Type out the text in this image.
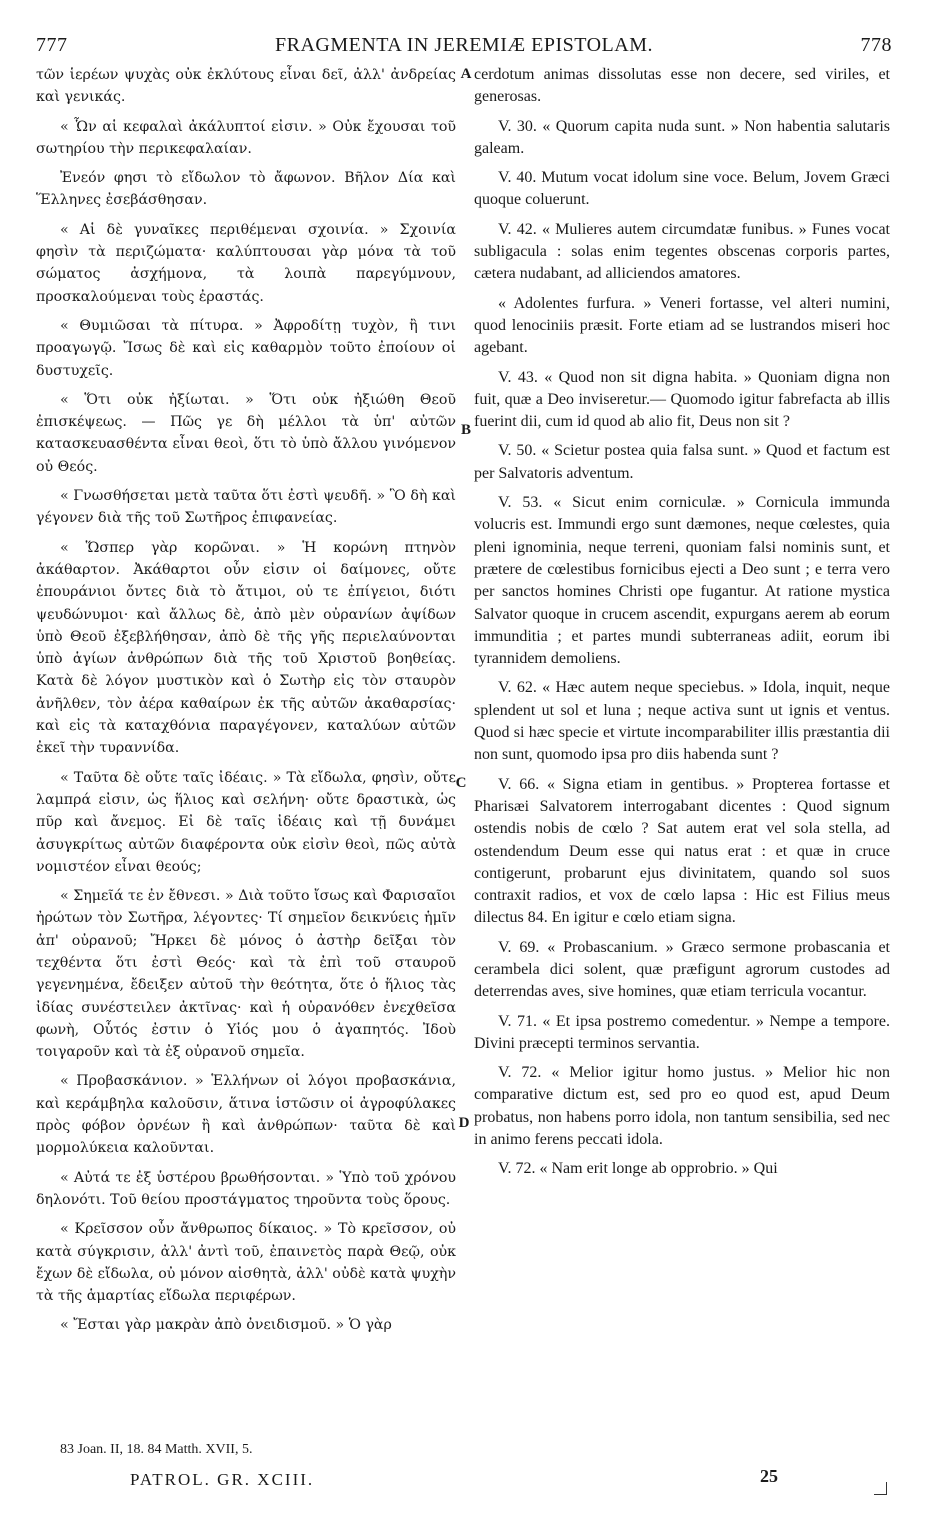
777	FRAGMENTA IN JEREMIÆ EPISTOLAM.	778

τῶν ἱερέων ψυχὰς οὐκ ἐκλύτους εἶναι δεῖ, ἀλλ' ἀνδρείας καὶ γενικάς.

« Ὧν αἱ κεφαλαὶ ἀκάλυπτοί εἰσιν. » Οὐκ ἔχουσαι τοῦ σωτηρίου τὴν περικεφαλαίαν.

Ἐνεόν φησι τὸ εἴδωλον τὸ ἄφωνον. Βῆλον Δία καὶ Ἕλληνες ἐσεβάσθησαν.

« Αἱ δὲ γυναῖκες περιθέμεναι σχοινία. » Σχοινία φησὶν τὰ περιζώματα· καλύπτουσαι γὰρ μόνα τὰ τοῦ σώματος ἀσχήμονα, τὰ λοιπὰ παρεγύμνουν, προσκαλούμεναι τοὺς ἐραστάς.

« Θυμιῶσαι τὰ πίτυρα. » Ἀφροδίτῃ τυχὸν, ἢ τινι προαγωγῷ. Ἴσως δὲ καὶ εἰς καθαρμὸν τοῦτο ἐποίουν οἱ δυστυχεῖς.

« Ὅτι οὐκ ἠξίωται. » Ὅτι οὐκ ἠξιώθη Θεοῦ ἐπισκέψεως. — Πῶς γε δὴ μέλλοι τὰ ὑπ' αὐτῶν κατασκευασθέντα εἶναι θεοὶ, ὅτι τὸ ὑπὸ ἄλλου γινόμενον οὐ Θεός.

« Γνωσθήσεται μετὰ ταῦτα ὅτι ἐστὶ ψευδῆ. » Ὃ δὴ καὶ γέγονεν διὰ τῆς τοῦ Σωτῆρος ἐπιφανείας.

« Ὥσπερ γὰρ κορῶναι. » Ἡ κορώνη πτηνὸν ἀκάθαρτον. Ἀκάθαρτοι οὖν εἰσιν οἱ δαίμονες, οὔτε ἐπουράνιοι ὄντες διὰ τὸ ἄτιμοι, οὐ τε ἐπίγειοι, διότι ψευδώνυμοι· καὶ ἄλλως δὲ, ἀπὸ μὲν οὐρανίων ἀψίδων ὑπὸ Θεοῦ ἐξεβλήθησαν, ἀπὸ δὲ τῆς γῆς περιελαύνονται ὑπὸ ἁγίων ἀνθρώπων διὰ τῆς τοῦ Χριστοῦ βοηθείας. Κατὰ δὲ λόγον μυστικὸν καὶ ὁ Σωτὴρ εἰς τὸν σταυρὸν ἀνῆλθεν, τὸν ἀέρα καθαίρων ἐκ τῆς αὐτῶν ἀκαθαρσίας· καὶ εἰς τὰ καταχθόνια παραγέγονεν, καταλύων αὐτῶν ἐκεῖ τὴν τυραννίδα.

« Ταῦτα δὲ οὔτε ταῖς ἰδέαις. » Τὰ εἴδωλα, φησὶν, οὔτε λαμπρά εἰσιν, ὡς ἥλιος καὶ σελήνη· οὔτε δραστικὰ, ὡς πῦρ καὶ ἄνεμος. Εἰ δὲ ταῖς ἰδέαις καὶ τῇ δυνάμει ἀσυγκρίτως αὐτῶν διαφέροντα οὐκ εἰσὶν θεοὶ, πῶς αὐτὰ νομιστέον εἶναι θεούς;

« Σημεῖά τε ἐν ἔθνεσι. » Διὰ τοῦτο ἴσως καὶ Φαρισαῖοι ἠρώτων τὸν Σωτῆρα, λέγοντες· Τί σημεῖον δεικνύεις ἡμῖν ἀπ' οὐρανοῦ; Ἤρκει δὲ μόνος ὁ ἀστὴρ δεῖξαι τὸν τεχθέντα ὅτι ἐστὶ Θεός· καὶ τὰ ἐπὶ τοῦ σταυροῦ γεγενημένα, ἔδειξεν αὐτοῦ τὴν θεότητα, ὅτε ὁ ἥλιος τὰς ἰδίας συνέστειλεν ἀκτῖνας· καὶ ἡ οὐρανόθεν ἐνεχθεῖσα φωνὴ, Οὗτός ἐστιν ὁ Υἱός μου ὁ ἀγαπητός. Ἰδοὺ τοιγαροῦν καὶ τὰ ἐξ οὐρανοῦ σημεῖα.

« Προβασκάνιον. » Ἑλλήνων οἱ λόγοι προβασκάνια, καὶ κεράμβηλα καλοῦσιν, ἅτινα ἱστῶσιν οἱ ἀγροφύλακες πρὸς φόβον ὀρνέων ἢ καὶ ἀνθρώπων· ταῦτα δὲ καὶ μορμολύκεια καλοῦνται.

« Αὐτά τε ἐξ ὑστέρου βρωθήσονται. » Ὑπὸ τοῦ χρόνου δηλονότι. Τοῦ θείου προστάγματος τηροῦντα τοὺς ὅρους.

« Κρεῖσσον οὖν ἄνθρωπος δίκαιος. » Τὸ κρεῖσσον, οὐ κατὰ σύγκρισιν, ἀλλ' ἀντὶ τοῦ, ἐπαινετὸς παρὰ Θεῷ, οὐκ ἔχων δὲ εἴδωλα, οὐ μόνον αἰσθητὰ, ἀλλ' οὐδὲ κατὰ ψυχὴν τὰ τῆς ἁμαρτίας εἴδωλα περιφέρων.

« Ἔσται γὰρ μακρὰν ἀπὸ ὀνειδισμοῦ. » Ὁ γὰρ

A
B
C
D

cerdotum animas dissolutas esse non decere, sed viriles, et generosas.

V. 30. « Quorum capita nuda sunt. » Non habentia salutaris galeam.

V. 40. Mutum vocat idolum sine voce. Belum, Jovem Græci quoque coluerunt.

V. 42. « Mulieres autem circumdatæ funibus. » Funes vocat subligacula : solas enim tegentes obscenas corporis partes, cætera nudabant, ad alliciendos amatores.

« Adolentes furfura. » Veneri fortasse, vel alteri numini, quod lenociniis præsit. Forte etiam ad se lustrandos miseri hoc agebant.

V. 43. « Quod non sit digna habita. » Quoniam digna non fuit, quæ a Deo inviseretur.— Quomodo igitur fabrefacta ab illis fuerint dii, cum id quod ab alio fit, Deus non sit ?

V. 50. « Scietur postea quia falsa sunt. » Quod et factum est per Salvatoris adventum.

V. 53. « Sicut enim corniculæ. » Cornicula immunda volucris est. Immundi ergo sunt dæmones, neque cœlestes, quia pleni ignominia, neque terreni, quoniam falsi nominis sunt, et prætere de cœlestibus fornicibus ejecti a Deo sunt ; e terra vero per sanctos homines Christi ope fugantur. At ratione mystica Salvator quoque in crucem ascendit, expurgans aerem ab eorum immunditia ; et partes mundi subterraneas adiit, eorum ibi tyrannidem demoliens.

V. 62. « Hæc autem neque speciebus. » Idola, inquit, neque splendent ut sol et luna ; neque activa sunt ut ignis et ventus. Quod si hæc specie et virtute incomparabiliter illis præstantia dii non sunt, quomodo ipsa pro diis habenda sunt ?

V. 66. « Signa etiam in gentibus. » Propterea fortasse et Pharisæi Salvatorem interrogabant dicentes : Quod signum ostendis nobis de cœlo ? Sat autem erat vel sola stella, ad ostendendum Deum esse qui natus erat : et quæ in cruce contigerunt, probarunt ejus divinitatem, quando sol suos contraxit radios, et vox de cœlo lapsa : Hic est Filius meus dilectus 84. En igitur e cœlo etiam signa.

V. 69. « Probascanium. » Græco sermone probascania et cerambela dici solent, quæ præfigunt agrorum custodes ad deterrendas aves, sive homines, quæ etiam terricula vocantur.

V. 71. « Et ipsa postremo comedentur. » Nempe a tempore. Divini præcepti terminos servantia.

V. 72. « Melior igitur homo justus. » Melior hic non comparative dictum est, sed pro eo quod est, apud Deum probatus, non habens porro idola, non tantum sensibilia, sed nec in animo ferens peccati idola.

V. 72. « Nam erit longe ab opprobrio. » Qui

83 Joan. II, 18. 84 Matth. XVII, 5.
PATROL. GR. XCIII.	25
